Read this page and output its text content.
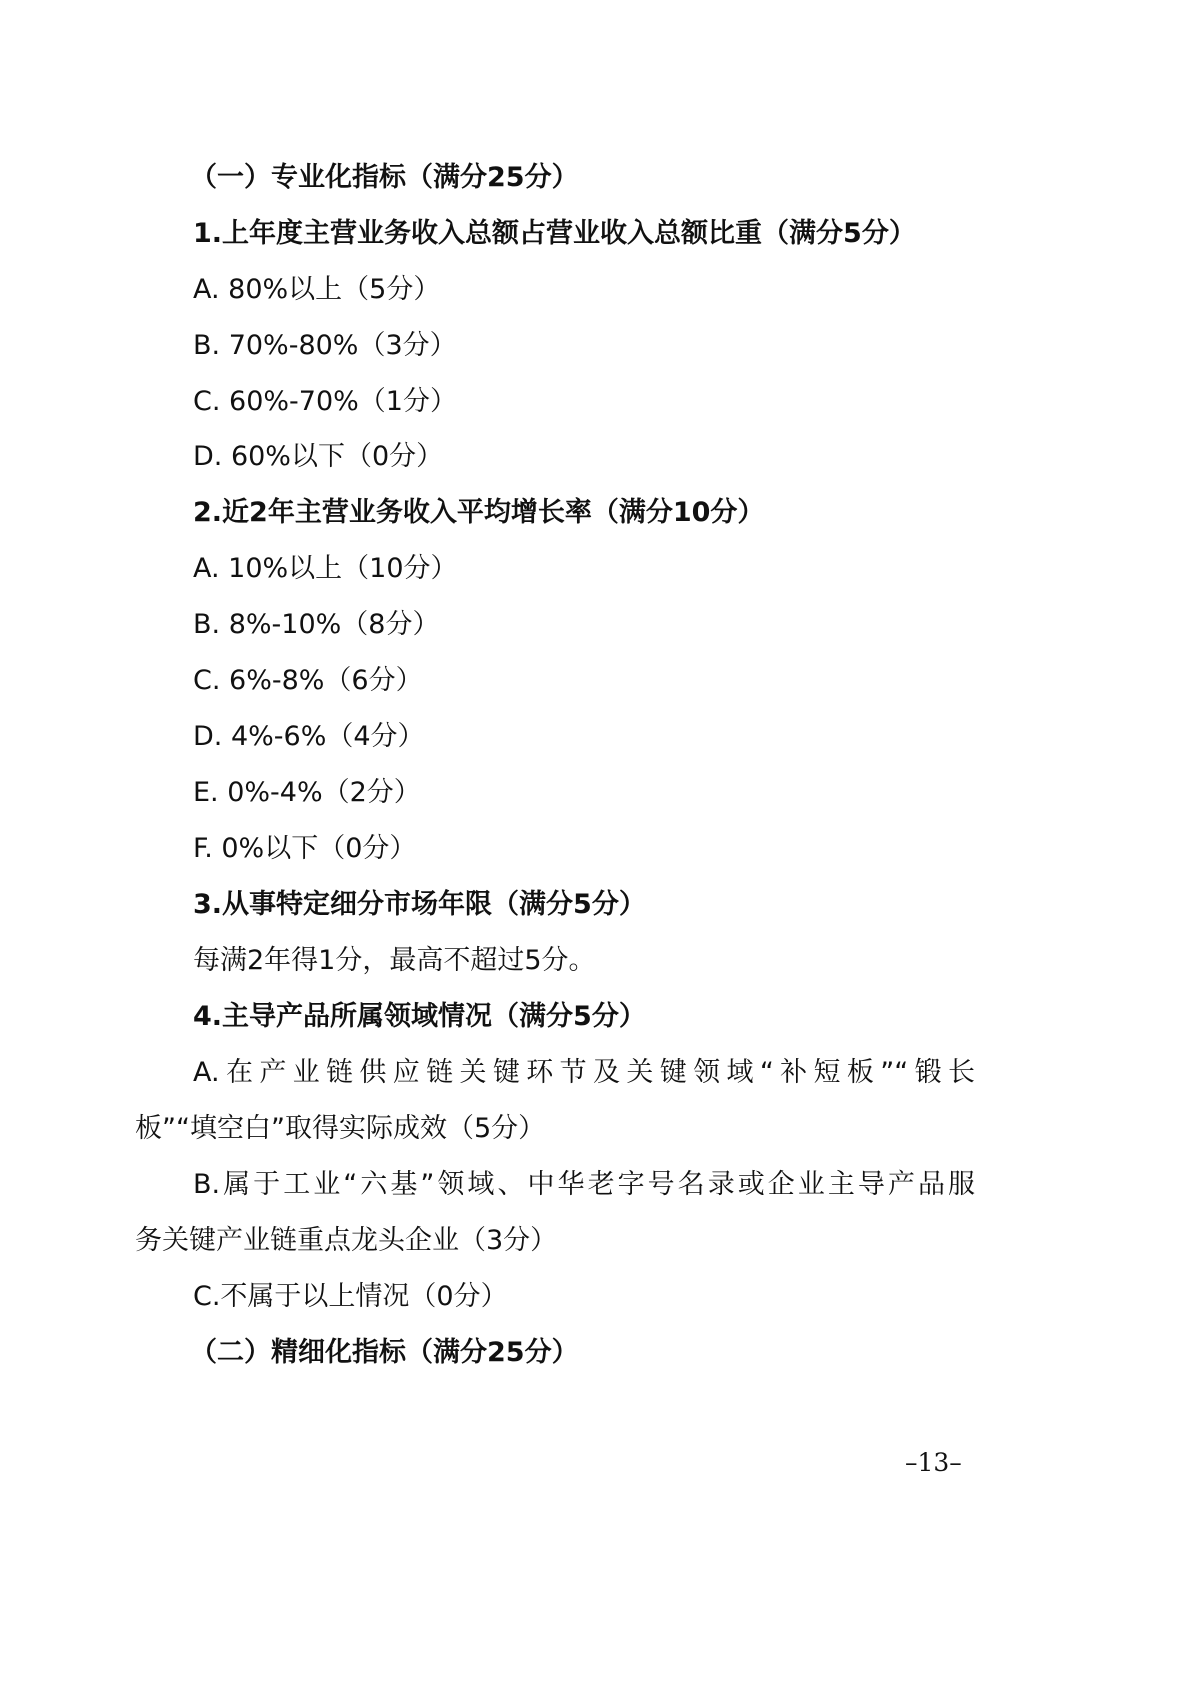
（一）专业化指标（满分25分）
1.上年度主营业务收入总额占营业收入总额比重（满分5分）
A. 80%以上（5分）
B. 70%-80%（3分）
C. 60%-70%（1分）
D. 60%以下（0分）
2.近2年主营业务收入平均增长率（满分10分）
A. 10%以上（10分）
B. 8%-10%（8分）
C. 6%-8%（6分）
D. 4%-6%（4分）
E. 0%-4%（2分）
F. 0%以下（0分）
3.从事特定细分市场年限（满分5分）
每满2年得1分，最高不超过5分。
4.主导产品所属领域情况（满分5分）
A.在产业链供应链关键环节及关键领域“补短板”“锻长
板”“填空白”取得实际成效（5分）
B.属于工业“六基”领域、中华老字号名录或企业主导产品服
务关键产业链重点龙头企业（3分）
C.不属于以上情况（0分）
（二）精细化指标（满分25分）
–13–
